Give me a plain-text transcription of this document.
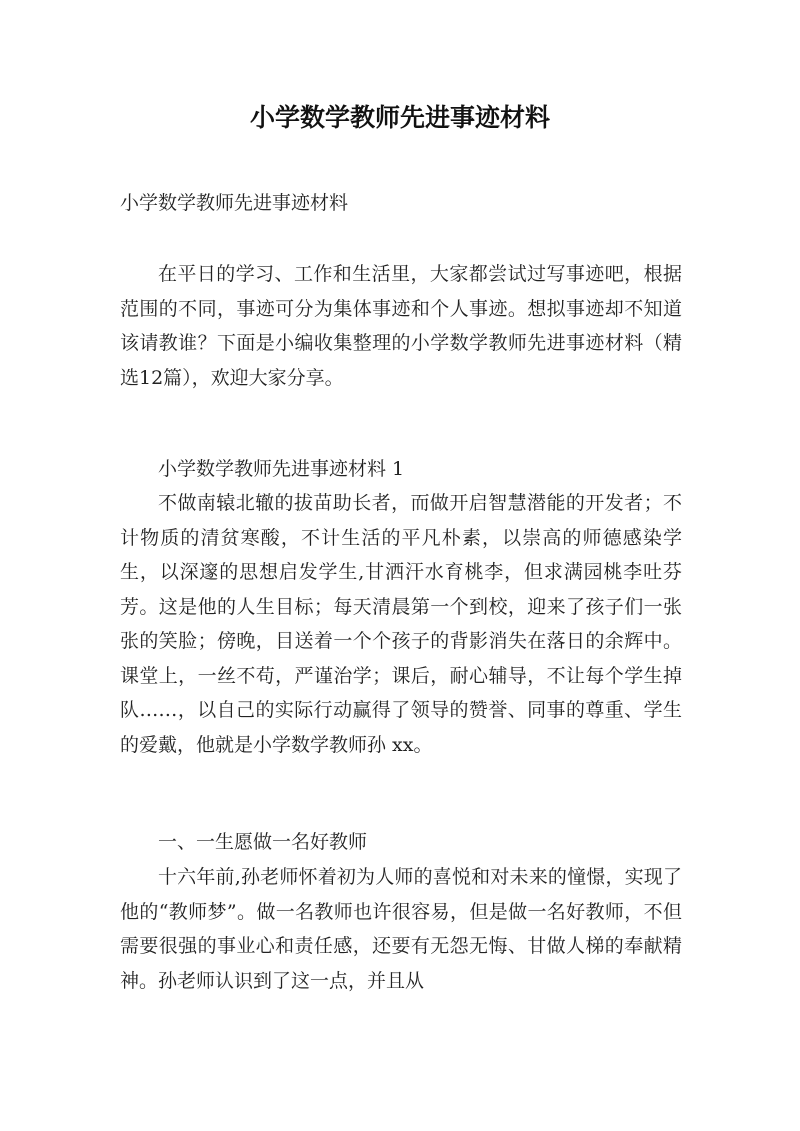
小学数学教师先进事迹材料

小学数学教师先进事迹材料

在平日的学习、工作和生活里，大家都尝试过写事迹吧，根据范围的不同，事迹可分为集体事迹和个人事迹。想拟事迹却不知道该请教谁？下面是小编收集整理的小学数学教师先进事迹材料（精选12篇），欢迎大家分享。

小学数学教师先进事迹材料 1

不做南辕北辙的拔苗助长者，而做开启智慧潜能的开发者；不计物质的清贫寒酸，不计生活的平凡朴素，以崇高的师德感染学生，以深邃的思想启发学生,甘洒汗水育桃李，但求满园桃李吐芬芳。这是他的人生目标；每天清晨第一个到校，迎来了孩子们一张张的笑脸；傍晚，目送着一个个孩子的背影消失在落日的余辉中。课堂上，一丝不苟，严谨治学；课后，耐心辅导，不让每个学生掉队……，以自己的实际行动赢得了领导的赞誉、同事的尊重、学生的爱戴，他就是小学数学教师孙 xx。

一、一生愿做一名好教师

十六年前,孙老师怀着初为人师的喜悦和对未来的憧憬，实现了他的“教师梦”。做一名教师也许很容易，但是做一名好教师，不但需要很强的事业心和责任感，还要有无怨无悔、甘做人梯的奉献精神。孙老师认识到了这一点，并且从
